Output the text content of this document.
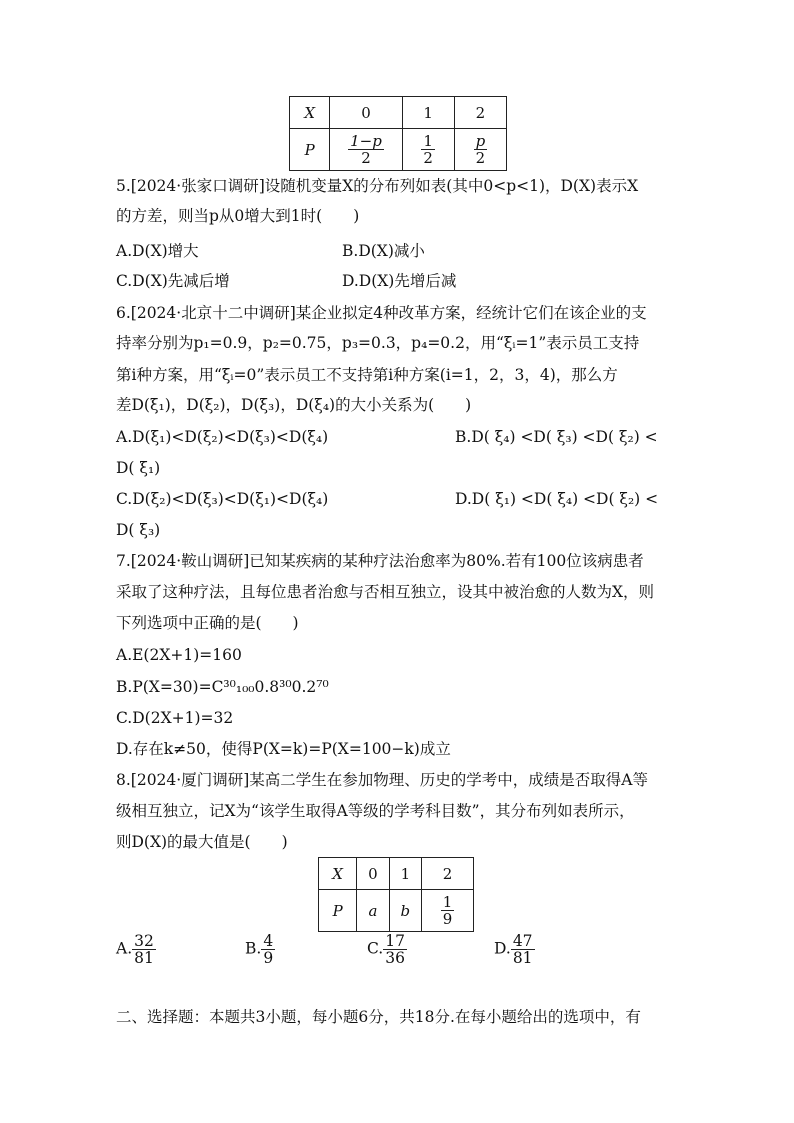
X	0	1	2
P	$\frac{1-p}{2}$	$\frac{1}{2}$	$\frac{p}{2}$
5.[2024·张家口调研]设随机变量X的分布列如表(其中0<p<1)，D(X)表示X
的方差，则当p从0增大到1时(　　)
A.D(X)增大	B.D(X)减小
C.D(X)先减后增	D.D(X)先增后减
6.[2024·北京十二中调研]某企业拟定4种改革方案，经统计它们在该企业的支
持率分别为p₁=0.9，p₂=0.75，p₃=0.3，p₄=0.2，用“ξᵢ=1”表示员工支持
第i种方案，用“ξᵢ=0”表示员工不支持第i种方案(i=1，2，3，4)，那么方
差D(ξ₁)，D(ξ₂)，D(ξ₃)，D(ξ₄)的大小关系为(　　)
A.D(ξ₁)<D(ξ₂)<D(ξ₃)<D(ξ₄)	B.D( ξ₄) <D( ξ₃) <D( ξ₂) <
D( ξ₁)
C.D(ξ₂)<D(ξ₃)<D(ξ₁)<D(ξ₄)	D.D( ξ₁) <D( ξ₄) <D( ξ₂) <
D( ξ₃)
7.[2024·鞍山调研]已知某疾病的某种疗法治愈率为80%.若有100位该病患者
采取了这种疗法，且每位患者治愈与否相互独立，设其中被治愈的人数为X，则
下列选项中正确的是(　　)
A.E(2X+1)=160
B.P(X=30)=C³⁰₁₀₀0.8³⁰0.2⁷⁰
C.D(2X+1)=32
D.存在k≠50，使得P(X=k)=P(X=100−k)成立
8.[2024·厦门调研]某高二学生在参加物理、历史的学考中，成绩是否取得A等
级相互独立，记X为“该学生取得A等级的学考科目数”，其分布列如表所示，
则D(X)的最大值是(　　)
X	0	1	2
P	a	b	$\frac{1}{9}$
A. $\frac{32}{81}$	B. $\frac{4}{9}$	C. $\frac{17}{36}$	D. $\frac{47}{81}$
二、选择题：本题共3小题，每小题6分，共18分.在每小题给出的选项中，有
